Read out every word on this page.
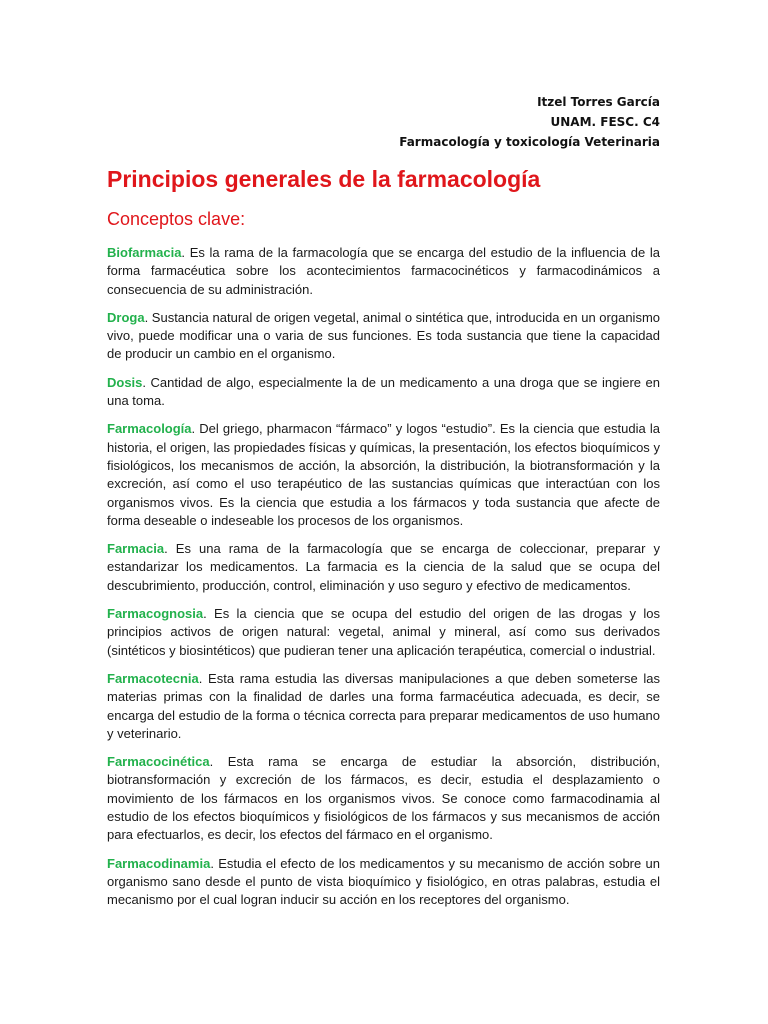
Itzel Torres García
UNAM. FESC. C4
Farmacología y toxicología Veterinaria
Principios generales de la farmacología
Conceptos clave:

Biofarmacia. Es la rama de la farmacología que se encarga del estudio de la influencia de la forma farmacéutica sobre los acontecimientos farmacocinéticos y farmacodinámicos a consecuencia de su administración.

Droga. Sustancia natural de origen vegetal, animal o sintética que, introducida en un organismo vivo, puede modificar una o varia de sus funciones. Es toda sustancia que tiene la capacidad de producir un cambio en el organismo.

Dosis. Cantidad de algo, especialmente la de un medicamento a una droga que se ingiere en una toma.

Farmacología. Del griego, pharmacon “fármaco” y logos “estudio”. Es la ciencia que estudia la historia, el origen, las propiedades físicas y químicas, la presentación, los efectos bioquímicos y fisiológicos, los mecanismos de acción, la absorción, la distribución, la biotransformación y la excreción, así como el uso terapéutico de las sustancias químicas que interactúan con los organismos vivos. Es la ciencia que estudia a los fármacos y toda sustancia que afecte de forma deseable o indeseable los procesos de los organismos.

Farmacia. Es una rama de la farmacología que se encarga de coleccionar, preparar y estandarizar los medicamentos. La farmacia es la ciencia de la salud que se ocupa del descubrimiento, producción, control, eliminación y uso seguro y efectivo de medicamentos.

Farmacognosia. Es la ciencia que se ocupa del estudio del origen de las drogas y los principios activos de origen natural: vegetal, animal y mineral, así como sus derivados (sintéticos y biosintéticos) que pudieran tener una aplicación terapéutica, comercial o industrial.

Farmacotecnia. Esta rama estudia las diversas manipulaciones a que deben someterse las materias primas con la finalidad de darles una forma farmacéutica adecuada, es decir, se encarga del estudio de la forma o técnica correcta para preparar medicamentos de uso humano y veterinario.

Farmacocinética. Esta rama se encarga de estudiar la absorción, distribución, biotransformación y excreción de los fármacos, es decir, estudia el desplazamiento o movimiento de los fármacos en los organismos vivos. Se conoce como farmacodinamia al estudio de los efectos bioquímicos y fisiológicos de los fármacos y sus mecanismos de acción para efectuarlos, es decir, los efectos del fármaco en el organismo.

Farmacodinamia. Estudia el efecto de los medicamentos y su mecanismo de acción sobre un organismo sano desde el punto de vista bioquímico y fisiológico, en otras palabras, estudia el mecanismo por el cual logran inducir su acción en los receptores del organismo.
